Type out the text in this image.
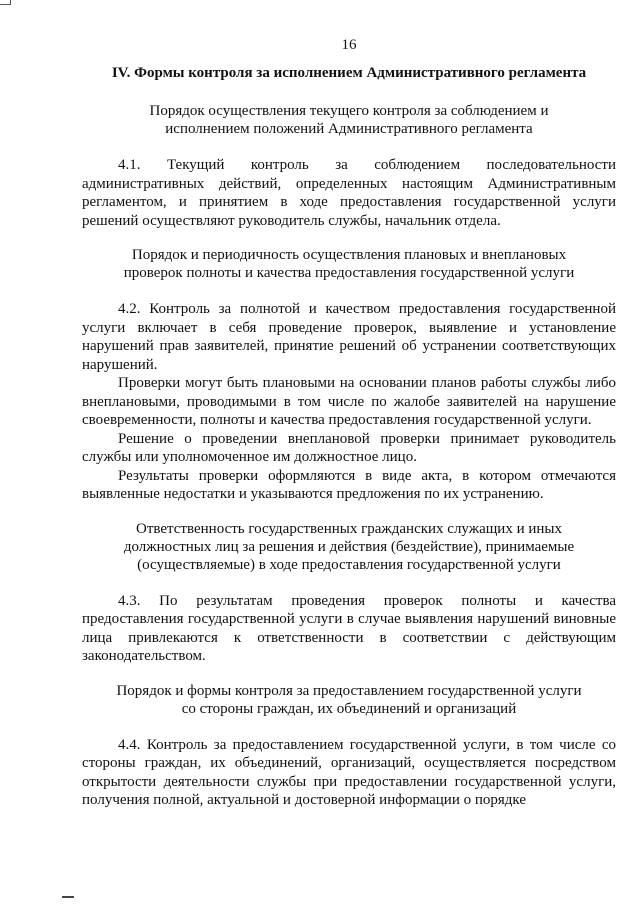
16
IV. Формы контроля за исполнением Административного регламента
Порядок осуществления текущего контроля за соблюдением и исполнением положений Административного регламента

4.1. Текущий контроль за соблюдением последовательности административных действий, определенных настоящим Административным регламентом, и принятием в ходе предоставления государственной услуги решений осуществляют руководитель службы, начальник отдела.

Порядок и периодичность осуществления плановых и внеплановых проверок полноты и качества предоставления государственной услуги

4.2. Контроль за полнотой и качеством предоставления государственной услуги включает в себя проведение проверок, выявление и установление нарушений прав заявителей, принятие решений об устранении соответствующих нарушений.

Проверки могут быть плановыми на основании планов работы службы либо внеплановыми, проводимыми в том числе по жалобе заявителей на нарушение своевременности, полноты и качества предоставления государственной услуги.

Решение о проведении внеплановой проверки принимает руководитель службы или уполномоченное им должностное лицо.

Результаты проверки оформляются в виде акта, в котором отмечаются выявленные недостатки и указываются предложения по их устранению.

Ответственность государственных гражданских служащих и иных должностных лиц за решения и действия (бездействие), принимаемые (осуществляемые) в ходе предоставления государственной услуги

4.3. По результатам проведения проверок полноты и качества предоставления государственной услуги в случае выявления нарушений виновные лица привлекаются к ответственности в соответствии с действующим законодательством.

Порядок и формы контроля за предоставлением государственной услуги со стороны граждан, их объединений и организаций

4.4. Контроль за предоставлением государственной услуги, в том числе со стороны граждан, их объединений, организаций, осуществляется посредством открытости деятельности службы при предоставлении государственной услуги, получения полной, актуальной и достоверной информации о порядке
